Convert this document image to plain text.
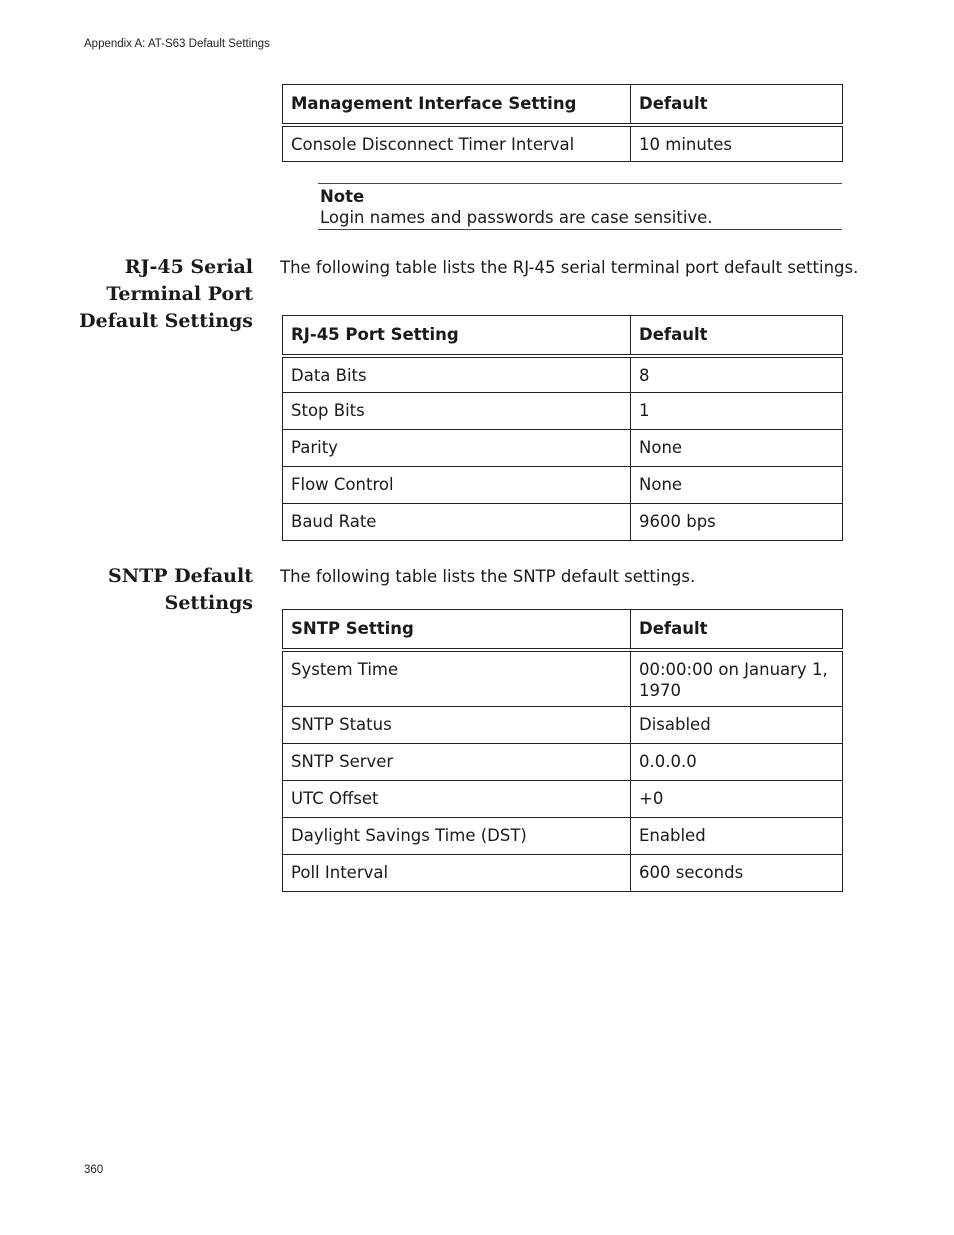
Appendix A: AT-S63 Default Settings
Management Interface Setting	Default
Console Disconnect Timer Interval	10 minutes
Note
Login names and passwords are case sensitive.
RJ-45 Serial
Terminal Port
Default Settings
The following table lists the RJ-45 serial terminal port default settings.
RJ-45 Port Setting	Default
Data Bits	8
Stop Bits	1
Parity	None
Flow Control	None
Baud Rate	9600 bps
SNTP Default
Settings
The following table lists the SNTP default settings.
SNTP Setting	Default
System Time	00:00:00 on January 1, 1970
SNTP Status	Disabled
SNTP Server	0.0.0.0
UTC Offset	+0
Daylight Savings Time (DST)	Enabled
Poll Interval	600 seconds
360
